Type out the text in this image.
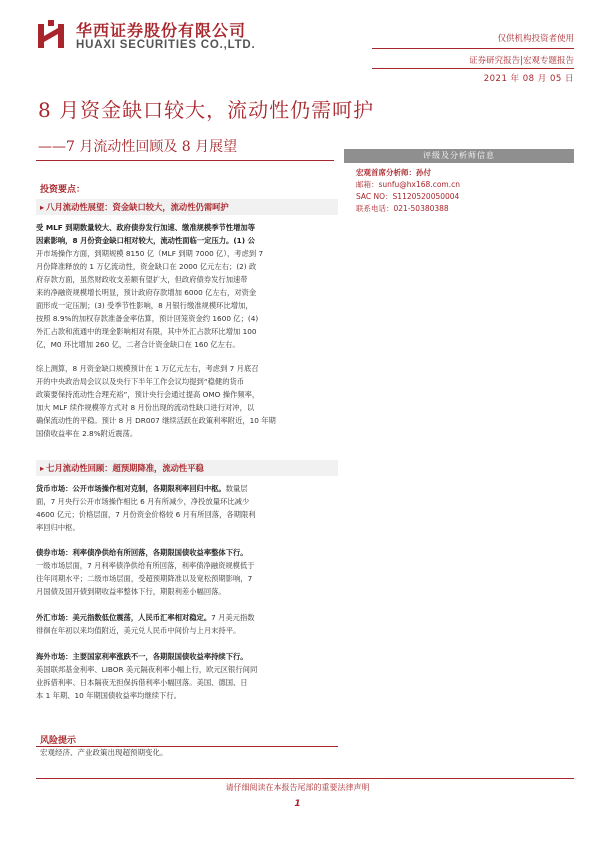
华西证券股份有限公司
HUAXI SECURITIES CO.,LTD.	仅供机构投资者使用
证券研究报告|宏观专题报告
2021 年 08 月 05 日
8 月资金缺口较大，流动性仍需呵护
——7 月流动性回顾及 8 月展望
投资要点：
▸ 八月流动性展望：资金缺口较大，流动性仍需呵护
受 MLF 到期数量较大、政府债券发行加速、缴准规模季节性增加等
因素影响，8 月份资金缺口相对较大，流动性面临一定压力。(1) 公
开市场操作方面，到期规模 8150 亿（MLF 到期 7000 亿），考虑到 7
月份降准释放的 1 万亿流动性，资金缺口在 2000 亿元左右；(2) 政
府存款方面，虽然财政收支差额有望扩大，但政府债券发行加速带
来的净融资规模增长明显，预计政府存款增加 6000 亿左右，对资金
面形成一定压制；(3) 受季节性影响，8 月银行缴准规模环比增加，
按照 8.9%的加权存款准备金率估算，预计回笼资金约 1600 亿；(4)
外汇占款和流通中的现金影响相对有限，其中外汇占款环比增加 100
亿，M0 环比增加 260 亿，二者合计资金缺口在 160 亿左右。
综上测算，8 月资金缺口规模预计在 1 万亿元左右，考虑到 7 月底召
开的中央政治局会议以及央行下半年工作会议均提到“稳健的货币
政策要保持流动性合理充裕”，预计央行会通过提高 OMO 操作频率，
加大 MLF 续作规模等方式对 8 月份出现的流动性缺口进行对冲，以
确保流动性的平稳。预计 8 月 DR007 继续活跃在政策利率附近，10 年期
国债收益率在 2.8%附近震荡。
▸ 七月流动性回顾：超预期降准，流动性平稳
货币市场：公开市场操作相对克制，各期限利率回归中枢。数量层
面，7 月央行公开市场操作相比 6 月有所减少，净投放量环比减少
4600 亿元；价格层面，7 月份资金价格较 6 月有所回落，各期限利
率回归中枢。
债券市场：利率债净供给有所回落，各期限国债收益率整体下行。
一级市场层面，7 月利率债净供给有所回落，利率债净融资规模低于
往年同期水平；二级市场层面，受超预期降准以及宽松预期影响，7
月国债及国开债到期收益率整体下行，期限利差小幅回落。
外汇市场：美元指数低位震荡，人民币汇率相对稳定。7 月美元指数
徘徊在年初以来均值附近，美元兑人民币中间价与上月末持平。
海外市场：主要国家利率涨跌不一，各期限国债收益率持续下行。
美国联邦基金利率、LIBOR 美元隔夜利率小幅上行，欧元区银行间同
业拆借利率、日本隔夜无担保拆借利率小幅回落。美国、德国、日
本 1 年期、10 年期国债收益率均继续下行。
风险提示
宏观经济、产业政策出现超预期变化。
评级及分析师信息
宏观首席分析师：孙付
邮箱：sunfu@hx168.com.cn
SAC NO：S1120520050004
联系电话：021-50380388
请仔细阅读在本报告尾部的重要法律声明
1
